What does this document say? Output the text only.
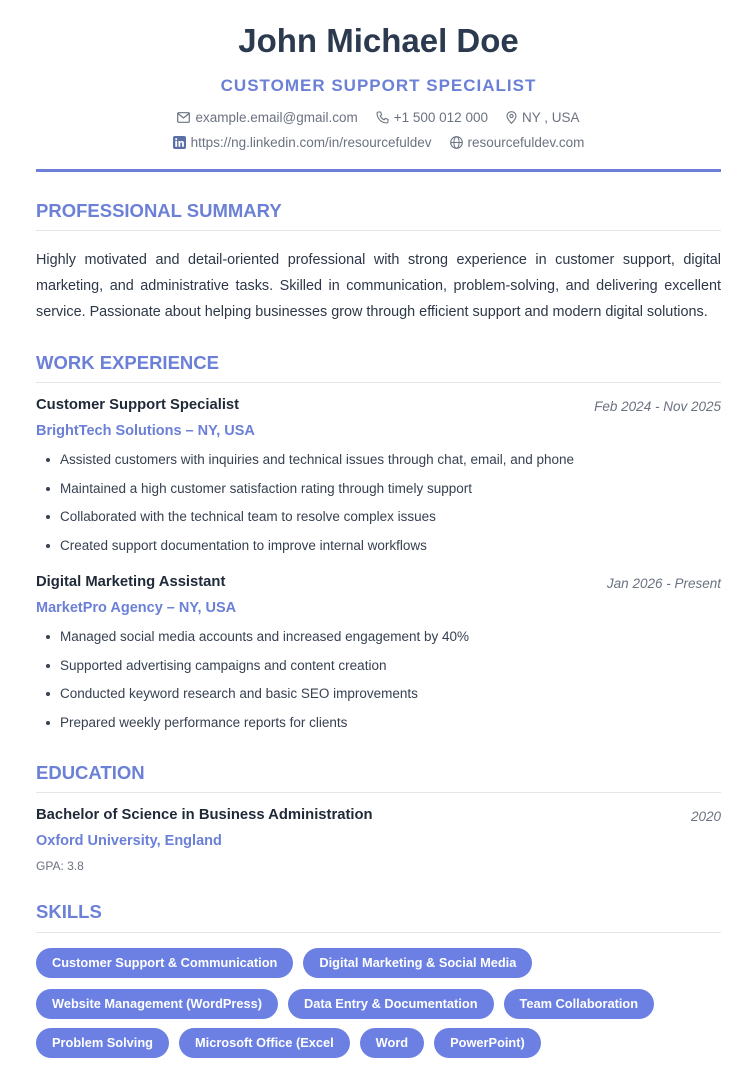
John Michael Doe
CUSTOMER SUPPORT SPECIALIST
example.email@gmail.com	+1 500 012 000	NY , USA
https://ng.linkedin.com/in/resourcefuldev	resourcefuldev.com
PROFESSIONAL SUMMARY

Highly motivated and detail-oriented professional with strong experience in customer support, digital marketing, and administrative tasks. Skilled in communication, problem-solving, and delivering excellent service. Passionate about helping businesses grow through efficient support and modern digital solutions.

WORK EXPERIENCE
Customer Support Specialist	Feb 2024 - Nov 2025
BrightTech Solutions – NY, USA
Assisted customers with inquiries and technical issues through chat, email, and phone
Maintained a high customer satisfaction rating through timely support
Collaborated with the technical team to resolve complex issues
Created support documentation to improve internal workflows
Digital Marketing Assistant	Jan 2026 - Present
MarketPro Agency – NY, USA
Managed social media accounts and increased engagement by 40%
Supported advertising campaigns and content creation
Conducted keyword research and basic SEO improvements
Prepared weekly performance reports for clients
EDUCATION
Bachelor of Science in Business Administration	2020
Oxford University, England
GPA: 3.8
SKILLS
Customer Support & Communication	Digital Marketing & Social Media
Website Management (WordPress)	Data Entry & Documentation	Team Collaboration
Problem Solving	Microsoft Office (Excel	Word	PowerPoint)
